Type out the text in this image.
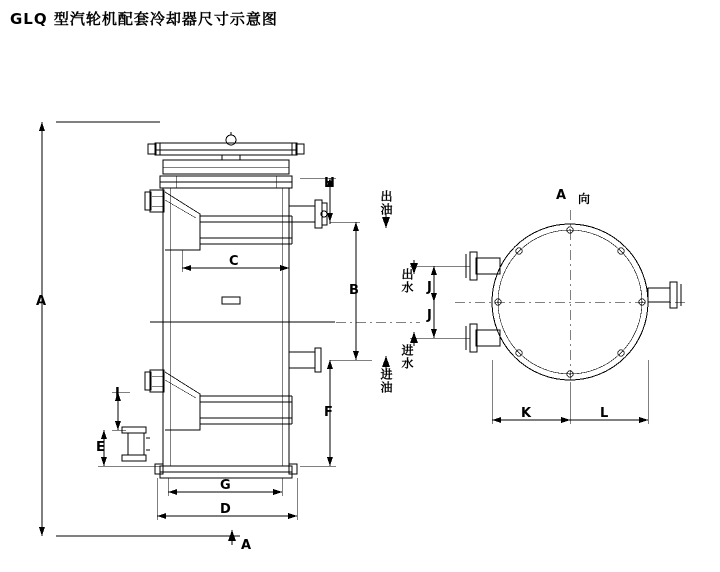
GLQ 型汽轮机配套冷却器尺寸示意图
A
A
C
B
H
F
I
E
G
D
J
J
K	L
A 向
出油
进油
出水
进水
